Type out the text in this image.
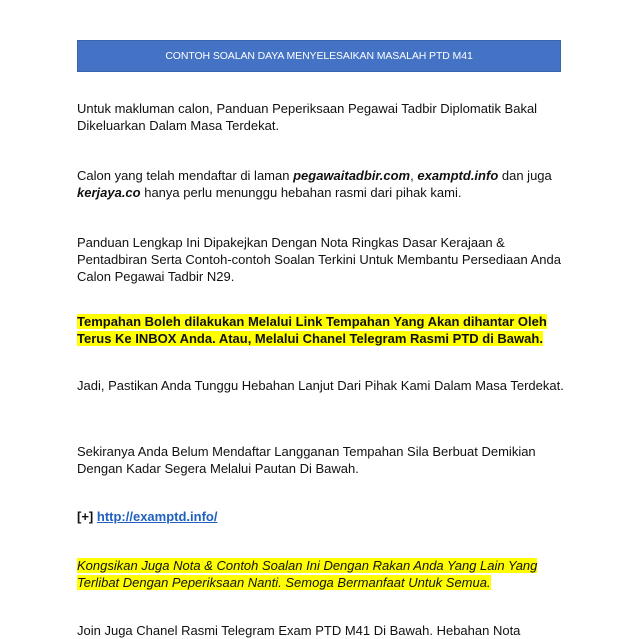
CONTOH SOALAN DAYA MENYELESAIKAN MASALAH PTD M41

Untuk makluman calon, Panduan Peperiksaan Pegawai Tadbir Diplomatik Bakal Dikeluarkan Dalam Masa Terdekat.

Calon yang telah mendaftar di laman pegawaitadbir.com, examptd.info dan juga kerjaya.co hanya perlu menunggu hebahan rasmi dari pihak kami.

Panduan Lengkap Ini Dipakejkan Dengan Nota Ringkas Dasar Kerajaan & Pentadbiran Serta Contoh-contoh Soalan Terkini Untuk Membantu Persediaan Anda Calon Pegawai Tadbir N29.

Tempahan Boleh dilakukan Melalui Link Tempahan Yang Akan dihantar Oleh
Terus Ke INBOX Anda. Atau, Melalui Chanel Telegram Rasmi PTD di Bawah.

Jadi, Pastikan Anda Tunggu Hebahan Lanjut Dari Pihak Kami Dalam Masa Terdekat.

Sekiranya Anda Belum Mendaftar Langganan Tempahan Sila Berbuat Demikian Dengan Kadar Segera Melalui Pautan Di Bawah.

[+] http://examptd.info/

Kongsikan Juga Nota & Contoh Soalan Ini Dengan Rakan Anda Yang Lain Yang
Terlibat Dengan Peperiksaan Nanti. Semoga Bermanfaat Untuk Semua.

Join Juga Chanel Rasmi Telegram Exam PTD M41 Di Bawah. Hebahan Nota
